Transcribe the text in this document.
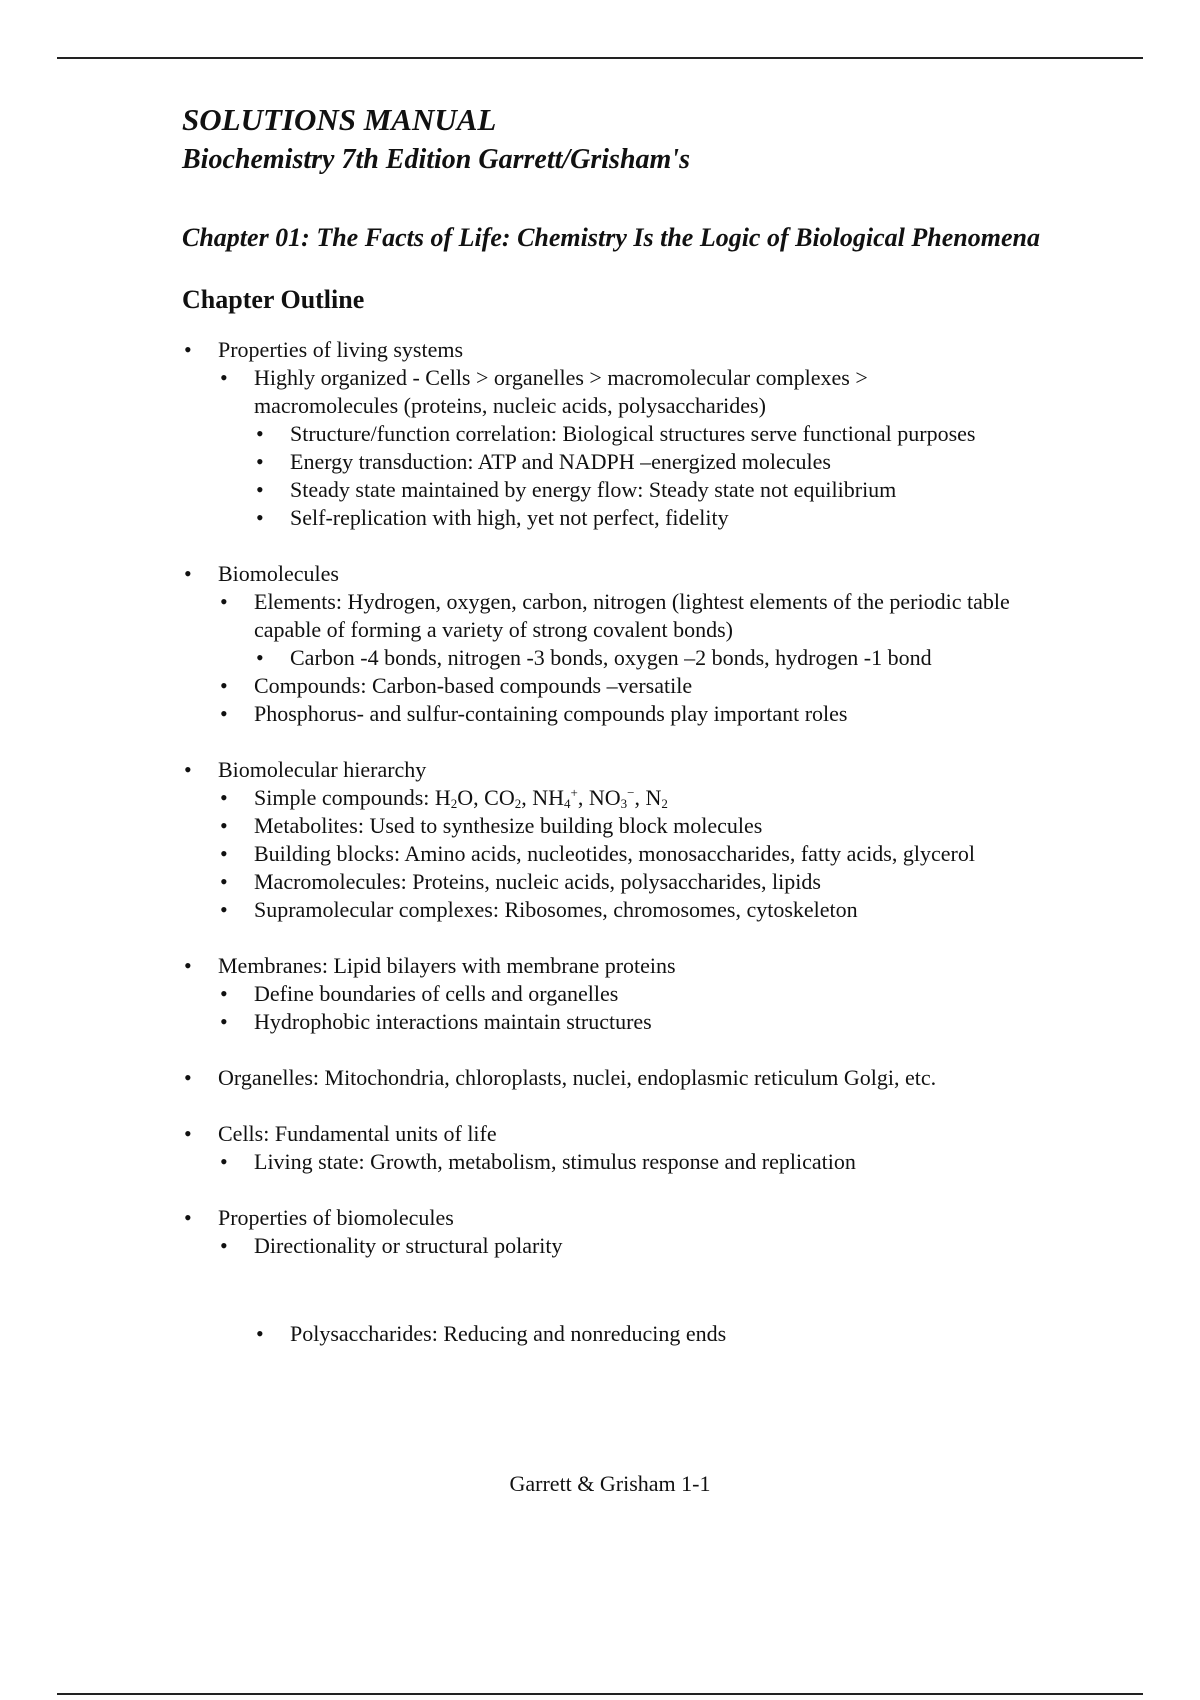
SOLUTIONS MANUAL
Biochemistry 7th Edition Garrett/Grisham's
Chapter 01: The Facts of Life: Chemistry Is the Logic of Biological Phenomena
Chapter Outline
• Properties of living systems
• Highly organized - Cells > organelles > macromolecular complexes > macromolecules (proteins, nucleic acids, polysaccharides)
• Structure/function correlation: Biological structures serve functional purposes
• Energy transduction: ATP and NADPH –energized molecules
• Steady state maintained by energy flow: Steady state not equilibrium
• Self-replication with high, yet not perfect, fidelity
• Biomolecules
• Elements: Hydrogen, oxygen, carbon, nitrogen (lightest elements of the periodic table capable of forming a variety of strong covalent bonds)
• Carbon -4 bonds, nitrogen -3 bonds, oxygen –2 bonds, hydrogen -1 bond
• Compounds: Carbon-based compounds –versatile
• Phosphorus- and sulfur-containing compounds play important roles
• Biomolecular hierarchy
• Simple compounds: $H_2O$, $CO_2$, $NH_4^+$, $NO_3^-$, $N_2$
• Metabolites: Used to synthesize building block molecules
• Building blocks: Amino acids, nucleotides, monosaccharides, fatty acids, glycerol
• Macromolecules: Proteins, nucleic acids, polysaccharides, lipids
• Supramolecular complexes: Ribosomes, chromosomes, cytoskeleton
• Membranes: Lipid bilayers with membrane proteins
• Define boundaries of cells and organelles
• Hydrophobic interactions maintain structures
• Organelles: Mitochondria, chloroplasts, nuclei, endoplasmic reticulum Golgi, etc.
• Cells: Fundamental units of life
• Living state: Growth, metabolism, stimulus response and replication
• Properties of biomolecules
• Directionality or structural polarity
• Polysaccharides: Reducing and nonreducing ends
Garrett & Grisham 1-1
